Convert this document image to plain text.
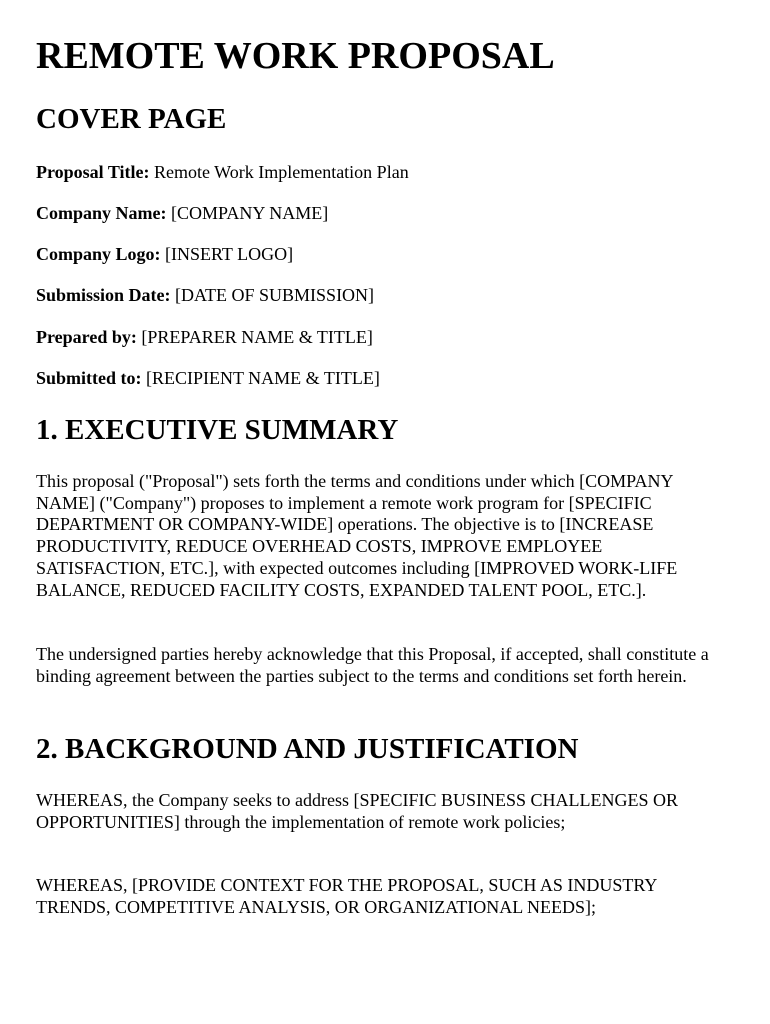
REMOTE WORK PROPOSAL
COVER PAGE
Proposal Title: Remote Work Implementation Plan
Company Name: [COMPANY NAME]
Company Logo: [INSERT LOGO]
Submission Date: [DATE OF SUBMISSION]
Prepared by: [PREPARER NAME & TITLE]
Submitted to: [RECIPIENT NAME & TITLE]
1. EXECUTIVE SUMMARY

This proposal ("Proposal") sets forth the terms and conditions under which [COMPANY NAME] ("Company") proposes to implement a remote work program for [SPECIFIC DEPARTMENT OR COMPANY-WIDE] operations. The objective is to [INCREASE PRODUCTIVITY, REDUCE OVERHEAD COSTS, IMPROVE EMPLOYEE SATISFACTION, ETC.], with expected outcomes including [IMPROVED WORK-LIFE BALANCE, REDUCED FACILITY COSTS, EXPANDED TALENT POOL, ETC.].

The undersigned parties hereby acknowledge that this Proposal, if accepted, shall constitute a binding agreement between the parties subject to the terms and conditions set forth herein.

2. BACKGROUND AND JUSTIFICATION

WHEREAS, the Company seeks to address [SPECIFIC BUSINESS CHALLENGES OR OPPORTUNITIES] through the implementation of remote work policies;

WHEREAS, [PROVIDE CONTEXT FOR THE PROPOSAL, SUCH AS INDUSTRY TRENDS, COMPETITIVE ANALYSIS, OR ORGANIZATIONAL NEEDS];
